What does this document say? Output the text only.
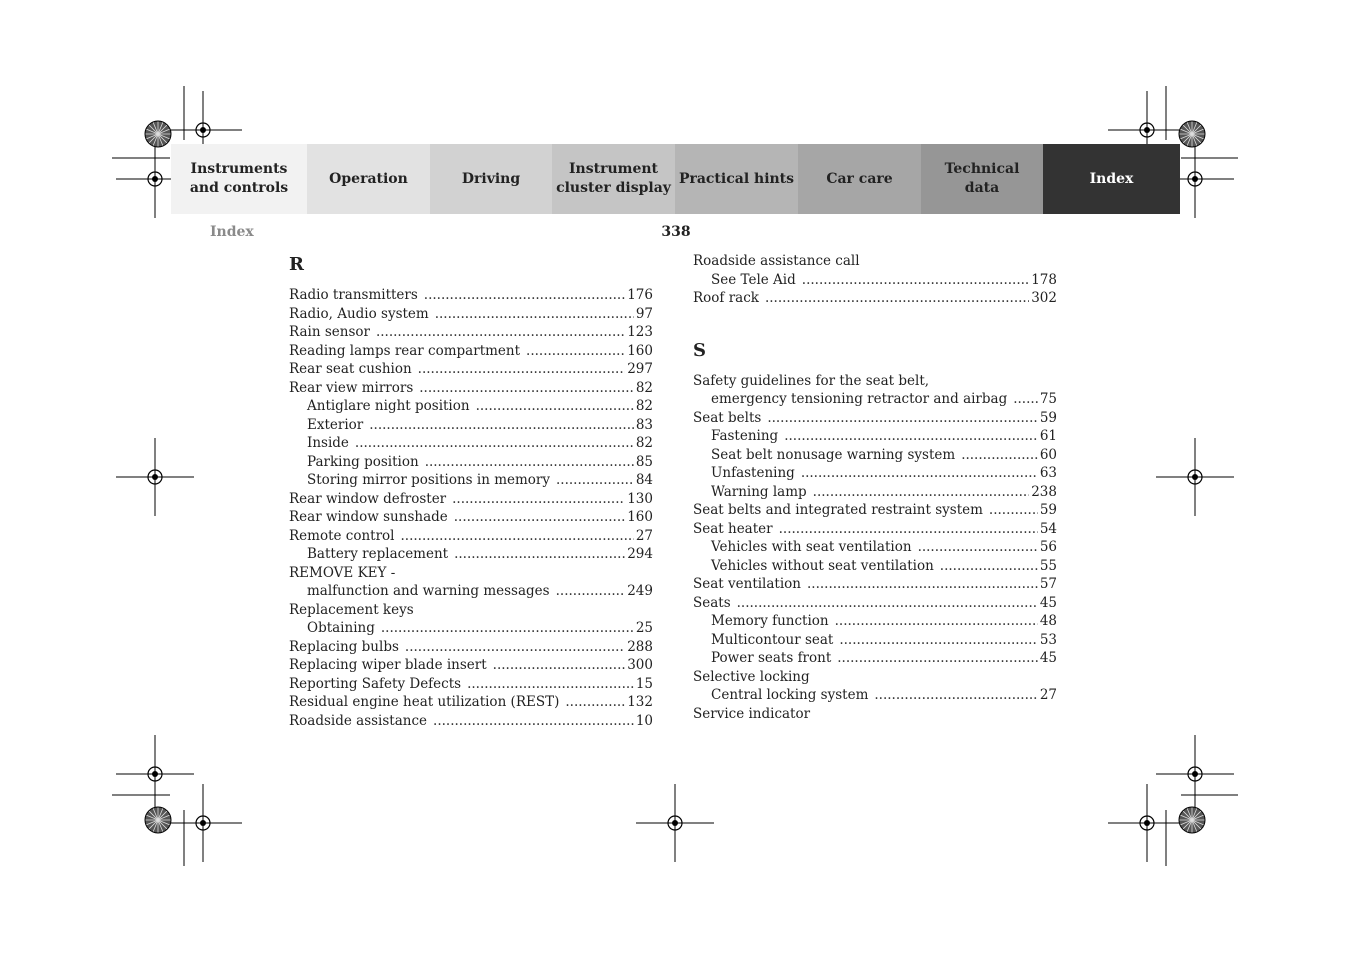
Instruments
and controls
Operation	Driving
Instrument
cluster display
Practical hints Car care
Technical
data
Index
Index	338
R
Radio transmitters .....	176
Radio, Audio system .....	97
Rain sensor .....	123
Reading lamps rear compartment .....	160
Rear seat cushion .....	297
Rear view mirrors .....	82
Antiglare night position .....	82
Exterior .....	83
Inside .....	82
Parking position .....	85
Storing mirror positions in memory .....	84
Rear window defroster .....	130
Rear window sunshade .....	160
Remote control .....	27
Battery replacement .....	294
REMOVE KEY -
malfunction and warning messages .....	249
Replacement keys
Obtaining .....	25
Replacing bulbs .....	288
Replacing wiper blade insert .....	300
Reporting Safety Defects .....	15
Residual engine heat utilization (REST) .....	132
Roadside assistance .....	10
Roadside assistance call
See Tele Aid .....	178
Roof rack .....	302
S
Safety guidelines for the seat belt,
emergency tensioning retractor and airbag ..... 75
Seat belts .....	59
Fastening .....	61
Seat belt nonusage warning system .....	60
Unfastening .....	63
Warning lamp .....	238
Seat belts and integrated restraint system .....	59
Seat heater .....	54
Vehicles with seat ventilation .....	56
Vehicles without seat ventilation .....	55
Seat ventilation .....	57
Seats .....	45
Memory function .....	48
Multicontour seat .....	53
Power seats front .....	45
Selective locking
Central locking system .....	27
Service indicator
